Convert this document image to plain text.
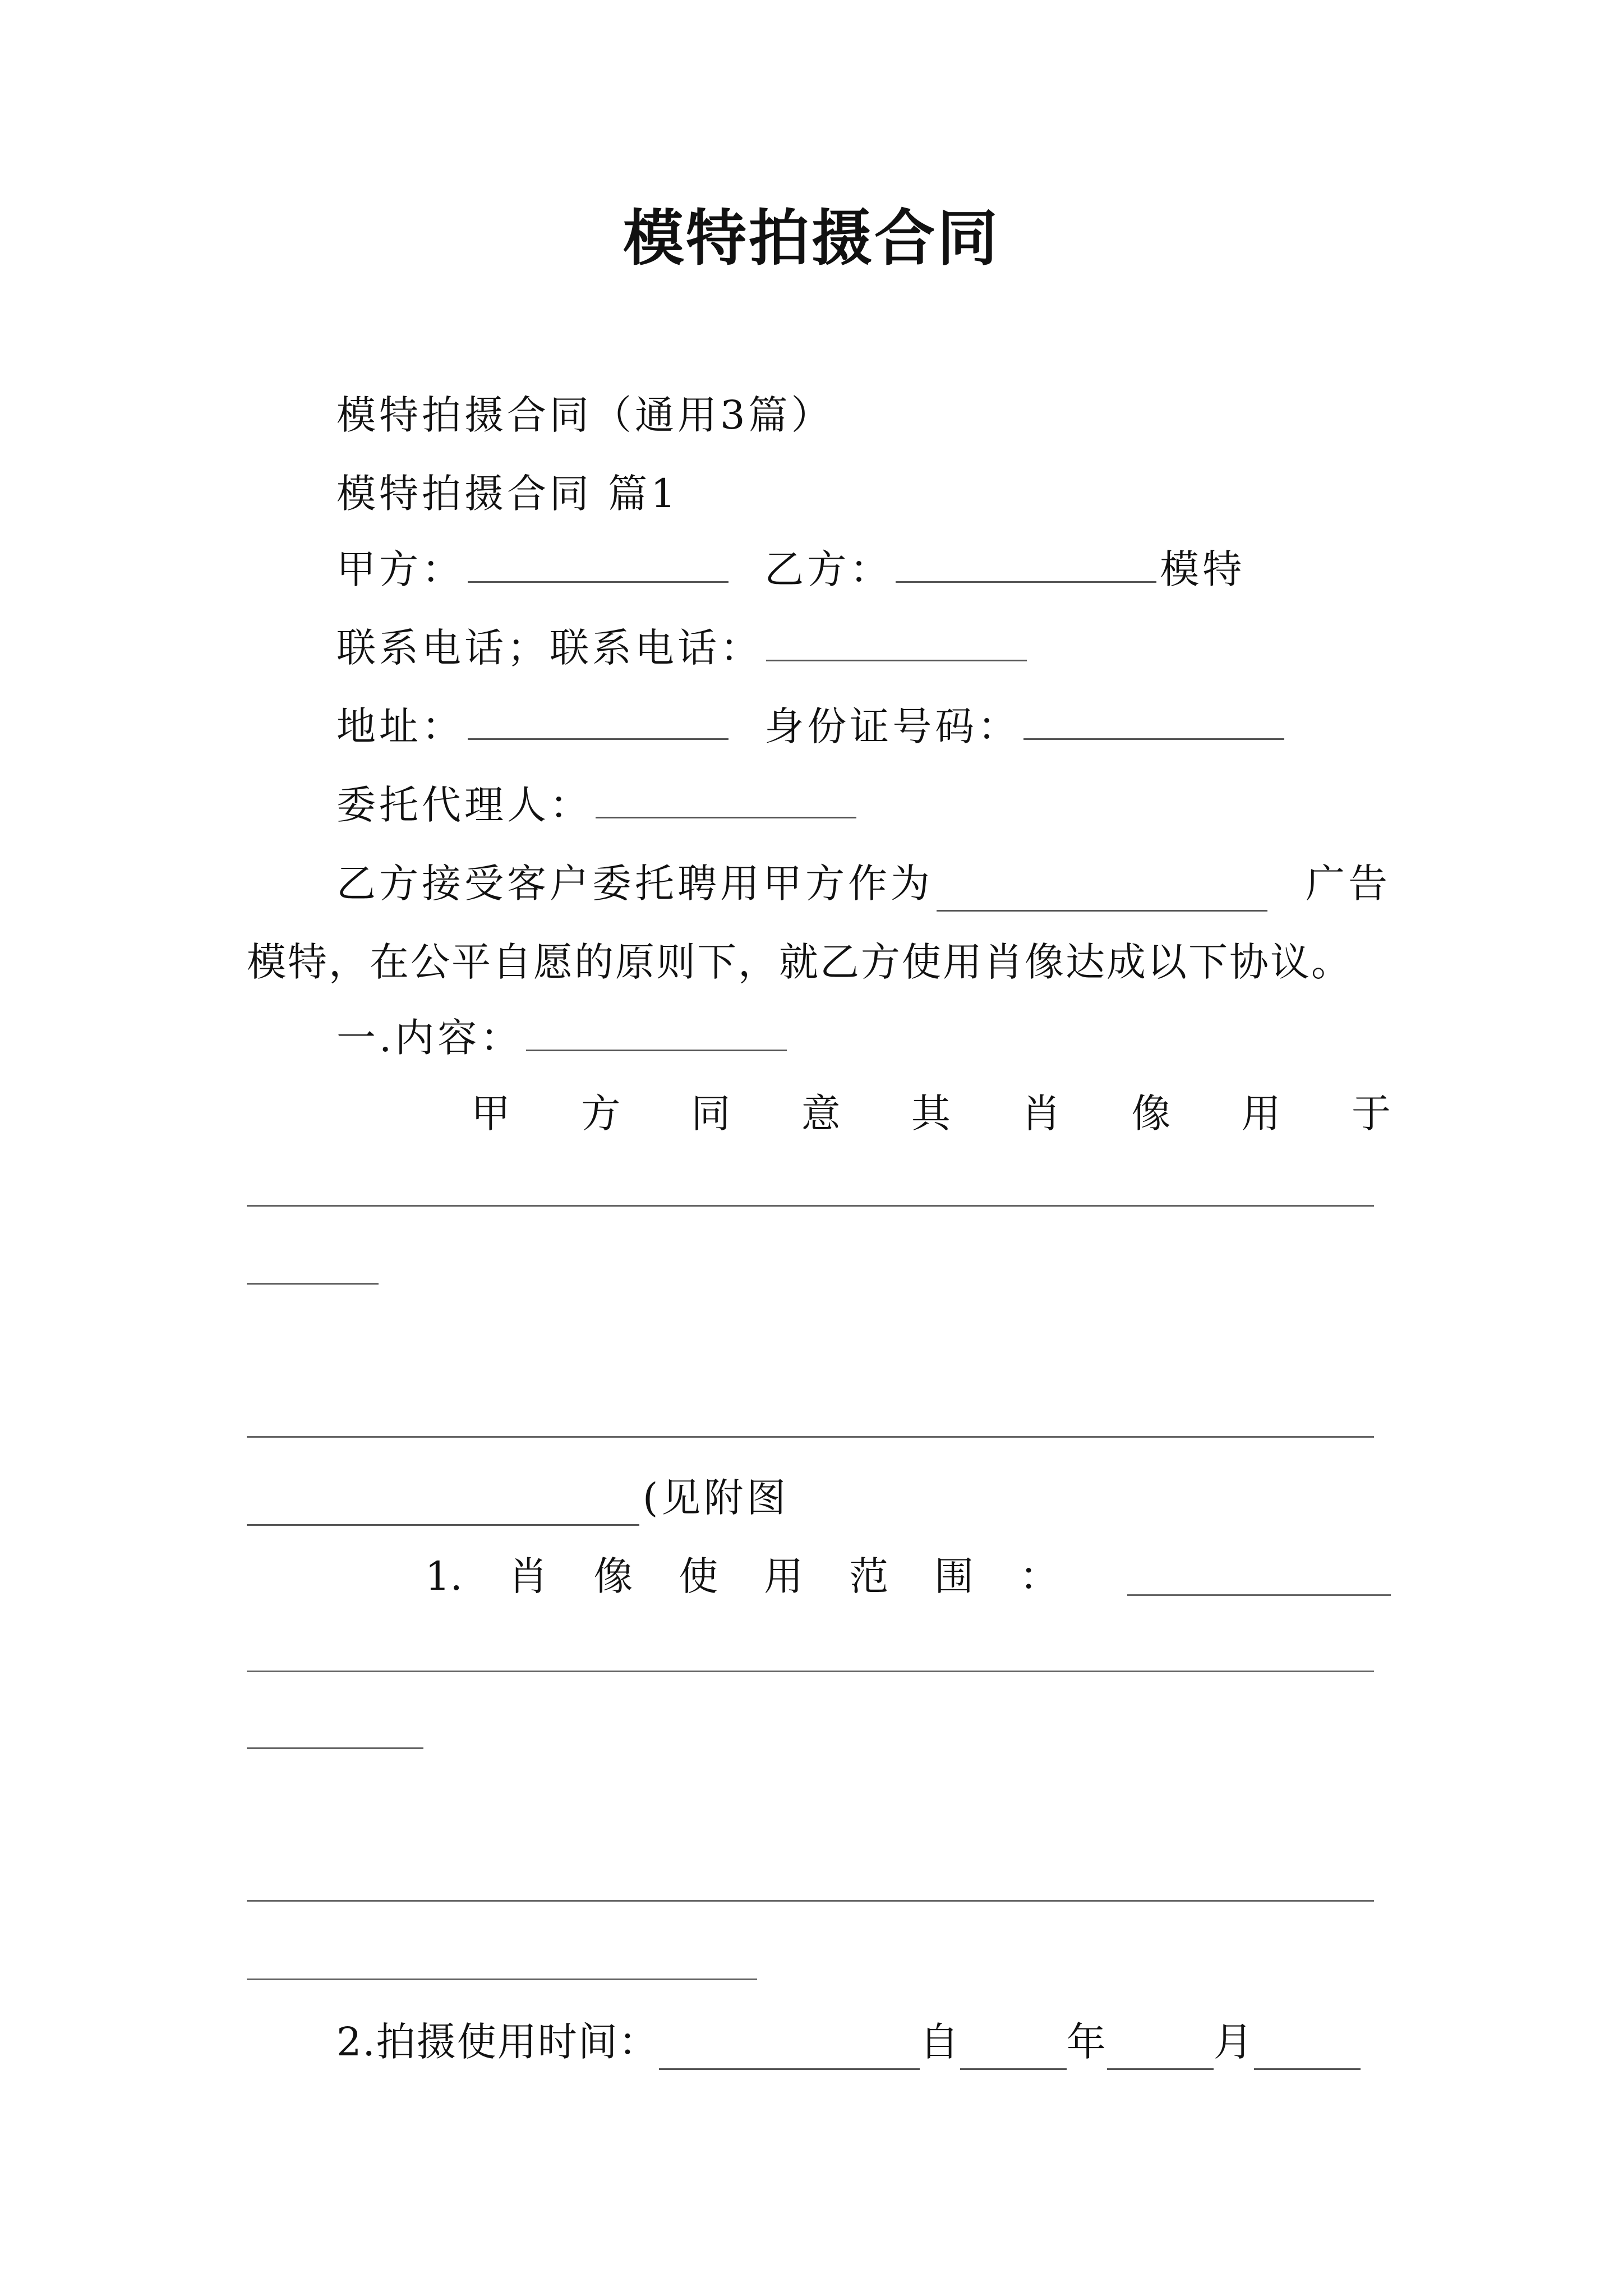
模特拍摄合同
模特拍摄合同（通用3篇）
模特拍摄合同 篇1
甲方：	乙方：	模特
联系电话；联系电话：
地址：	身份证号码：
委托代理人：
乙方接受客户委托聘用甲方作为	广告
模特，在公平自愿的原则下，就乙方使用肖像达成以下协议。
一.内容：
甲 方 同 意 其 肖 像 用 于
(见附图
1. 肖 像 使 用 范 围 ：
2.拍摄使用时间：	自	年	月
